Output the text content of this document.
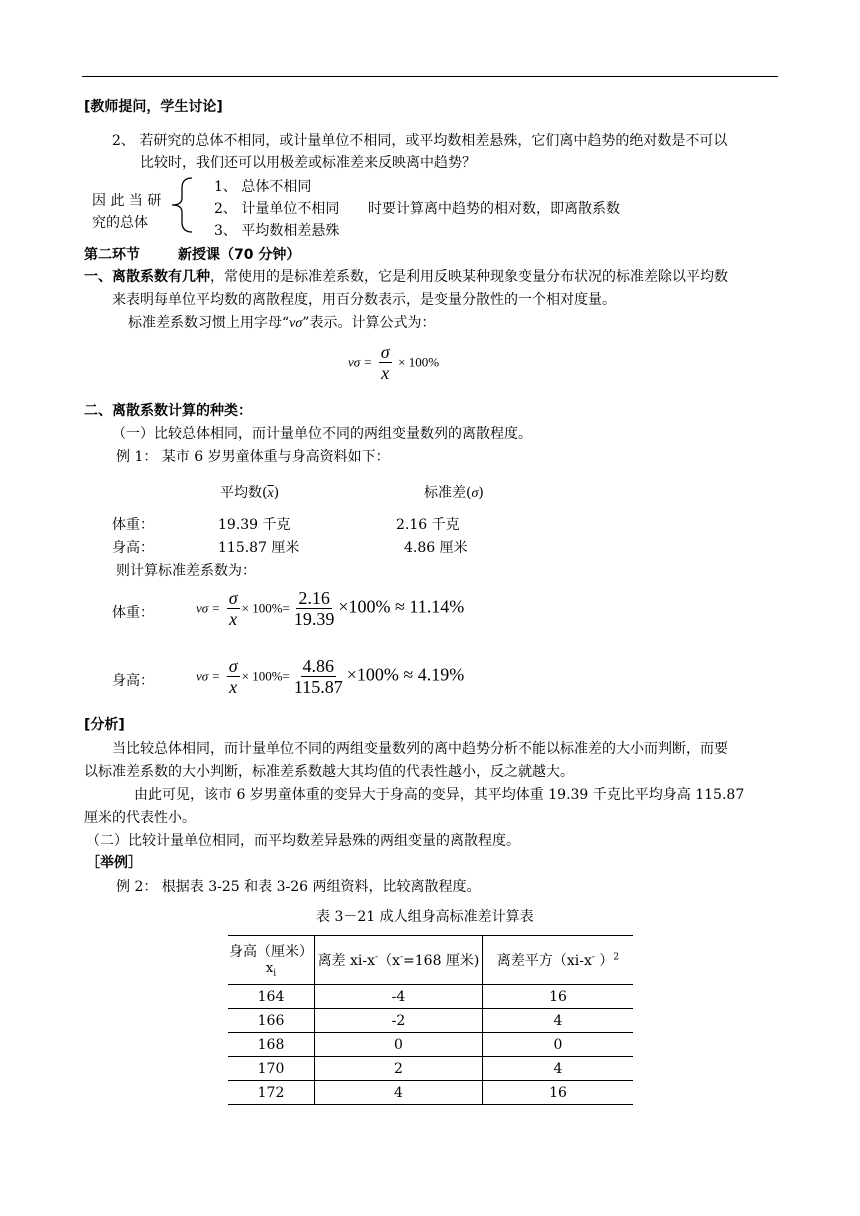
[教师提问，学生讨论]
2、 若研究的总体不相同，或计量单位不相同，或平均数相差悬殊，它们离中趋势的绝对数是不可以
比较时，我们还可以用极差或标准差来反映离中趋势？
因 此 当 研
究的总体
1、 总体不相同
2、 计量单位不相同 时要计算离中趋势的相对数，即离散系数
3、 平均数相差悬殊
第二环节	新授课（70 分钟）
一、离散系数有几种，常使用的是标准差系数，它是利用反映某种现象变量分布状况的标准差除以平均数
来表明每单位平均数的离散程度，用百分数表示，是变量分散性的一个相对度量。
标准差系数习惯上用字母“vσ”表示。计算公式为：
$v\sigma = \frac{\sigma}{x} \times 100\%$
二、离散系数计算的种类：
（一）比较总体相同，而计量单位不同的两组变量数列的离散程度。
例 1： 某市 6 岁男童体重与身高资料如下：
平均数$(\overline{x})$	标准差(σ)
体重：	19.39 千克	2.16 千克
身高：	115.87 厘米	4.86 厘米
则计算标准差系数为：
体重：	$v\sigma = \frac{\sigma}{x} \times 100\%= \frac{2.16}{19.39} \times 100\% \approx 11.14\%$
身高：	$v\sigma = \frac{\sigma}{x} \times 100\%= \frac{4.86}{115.87} \times 100\% \approx 4.19\%$
[分析]
当比较总体相同，而计量单位不同的两组变量数列的离中趋势分析不能以标准差的大小而判断，而要
以标准差系数的大小判断，标准差系数越大其均值的代表性越小，反之就越大。
由此可见，该市 6 岁男童体重的变异大于身高的变异，其平均体重 19.39 千克比平均身高 115.87
厘米的代表性小。
（二）比较计量单位相同，而平均数差异悬殊的两组变量的离散程度。
［举例］
例 2： 根据表 3-25 和表 3-26 两组资料，比较离散程度。
表 3－21 成人组身高标准差计算表
身高（厘米）
$x_i$	离差 xi-x-（x-=168 厘米)	离差平方（xi-x- ）$^2$
164	-4	16
166	-2	4
168	0	0
170	2	4
172	4	16
